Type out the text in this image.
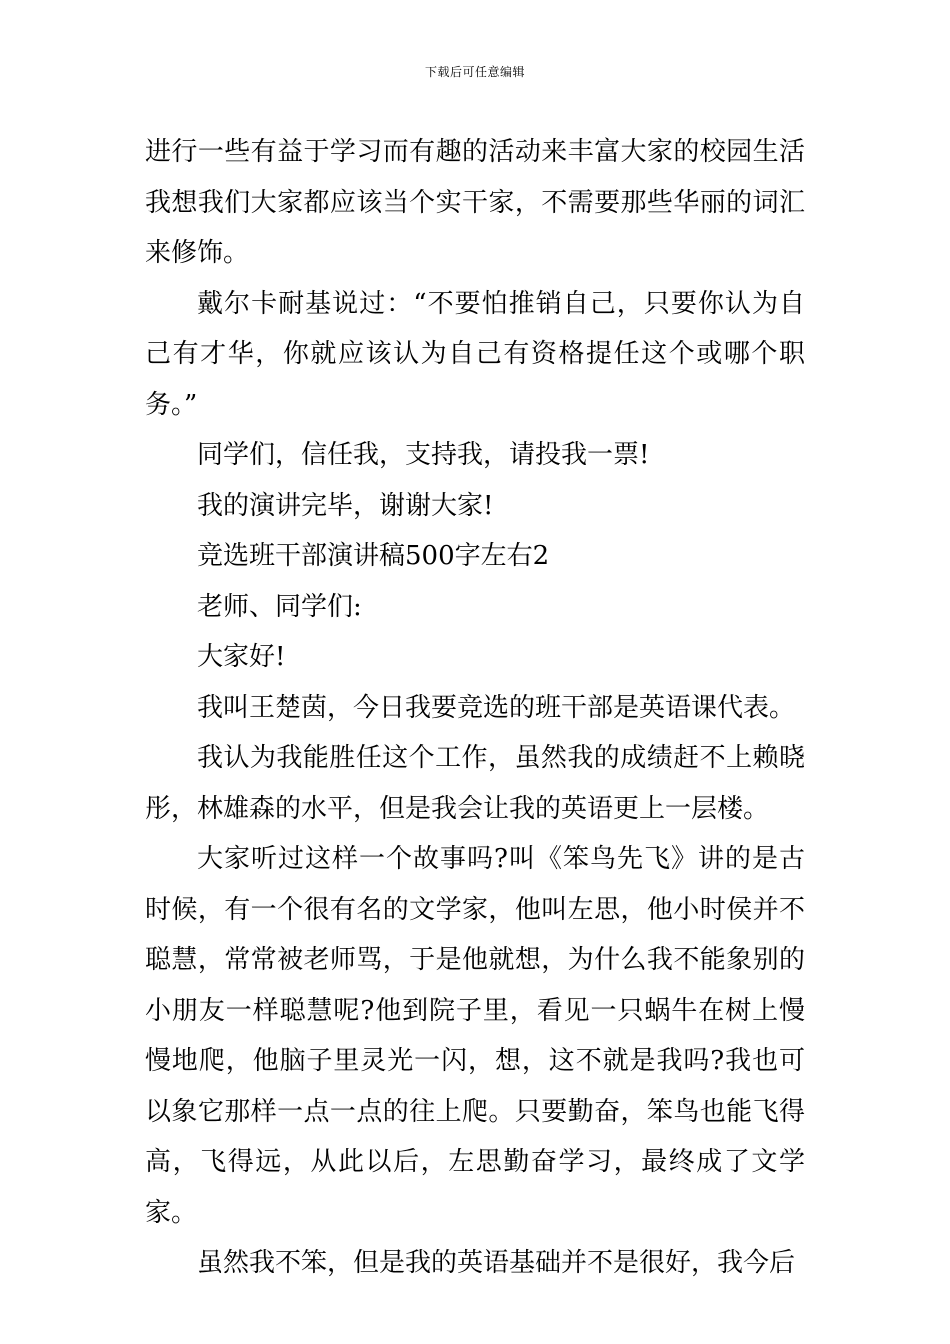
下载后可任意编辑

进行一些有益于学习而有趣的活动来丰富大家的校园生活我想我们大家都应该当个实干家，不需要那些华丽的词汇来修饰。

戴尔卡耐基说过：“不要怕推销自己，只要你认为自己有才华，你就应该认为自己有资格提任这个或哪个职务。”

同学们，信任我，支持我，请投我一票!

我的演讲完毕，谢谢大家!

竞选班干部演讲稿500字左右2

老师、同学们:

大家好!

我叫王楚茵，今日我要竞选的班干部是英语课代表。

我认为我能胜任这个工作，虽然我的成绩赶不上赖晓彤，林雄森的水平，但是我会让我的英语更上一层楼。

大家听过这样一个故事吗?叫《笨鸟先飞》讲的是古时候，有一个很有名的文学家，他叫左思，他小时侯并不聪慧，常常被老师骂，于是他就想，为什么我不能象别的小朋友一样聪慧呢?他到院子里，看见一只蜗牛在树上慢慢地爬，他脑子里灵光一闪，想，这不就是我吗?我也可以象它那样一点一点的往上爬。只要勤奋，笨鸟也能飞得高，飞得远，从此以后，左思勤奋学习，最终成了文学家。

虽然我不笨，但是我的英语基础并不是很好，我今后
